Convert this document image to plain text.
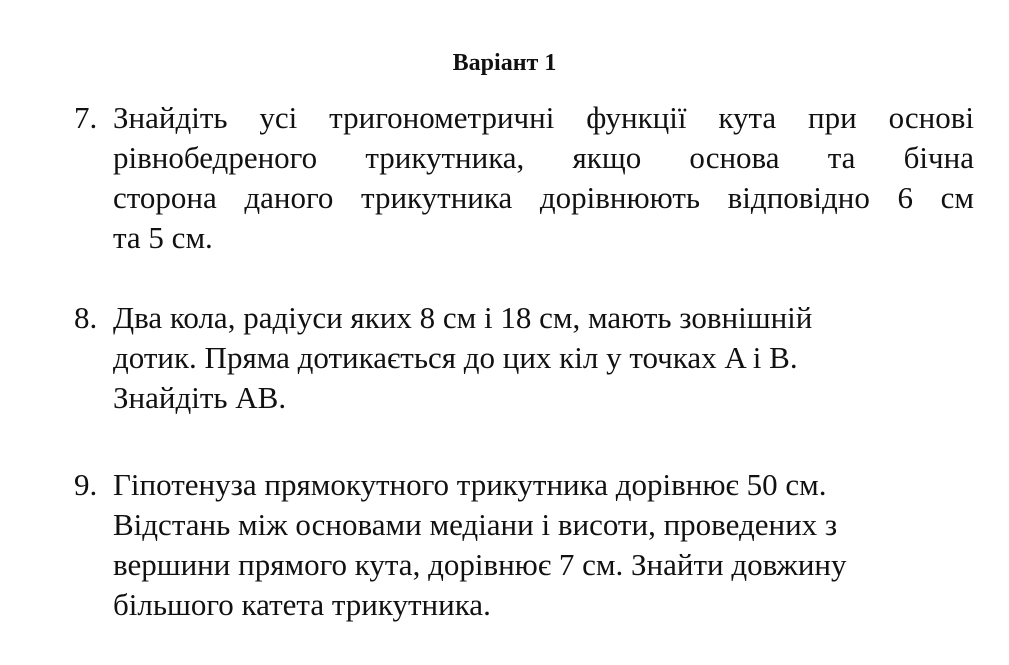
Варіант 1
7. Знайдіть усі тригонометричні функції кута при основі
рівнобедреного трикутника, якщо основа та бічна
сторона даного трикутника дорівнюють відповідно 6 см
та 5 см.
8. Два кола, радіуси яких 8 см і 18 см, мають зовнішній
дотик. Пряма дотикається до цих кіл у точках A і B.
Знайдіть AB.
9. Гіпотенуза прямокутного трикутника дорівнює 50 см.
Відстань між основами медіани і висоти, проведених з
вершини прямого кута, дорівнює 7 см. Знайти довжину
більшого катета трикутника.
